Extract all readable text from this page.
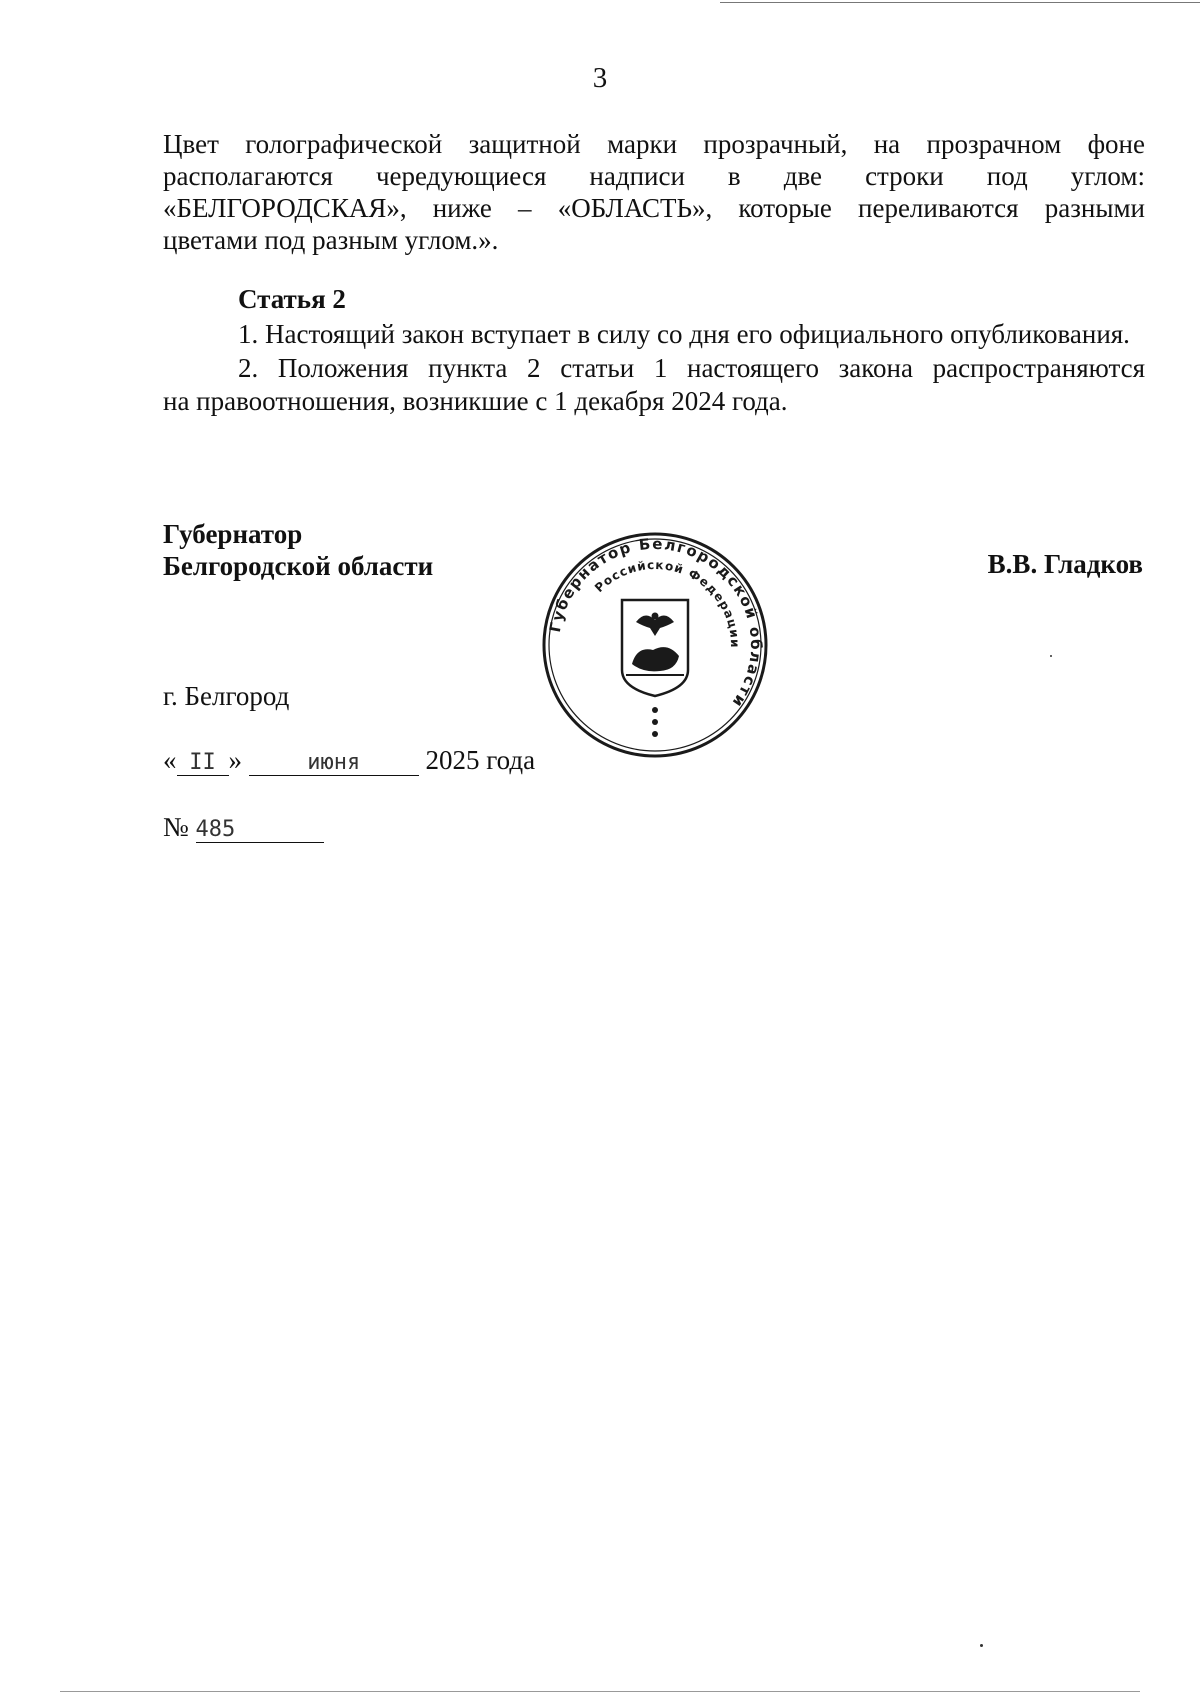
3

Цвет голографической защитной марки прозрачный, на прозрачном фоне

располагаются чередующиеся надписи в две строки под углом:

«БЕЛГОРОДСКАЯ», ниже – «ОБЛАСТЬ», которые переливаются разными

цветами под разным углом.».

Статья 2

1. Настоящий закон вступает в силу со дня его официального опубликования.

2. Положения пункта 2 статьи 1 настоящего закона распространяются

на правоотношения, возникшие с 1 декабря 2024 года.

Губернатор
Белгородской области	В.В. Гладков
Губернатор Белгородской области
Российской Федерации
г. Белгород
« II »	июня 2025 года
№ 485
